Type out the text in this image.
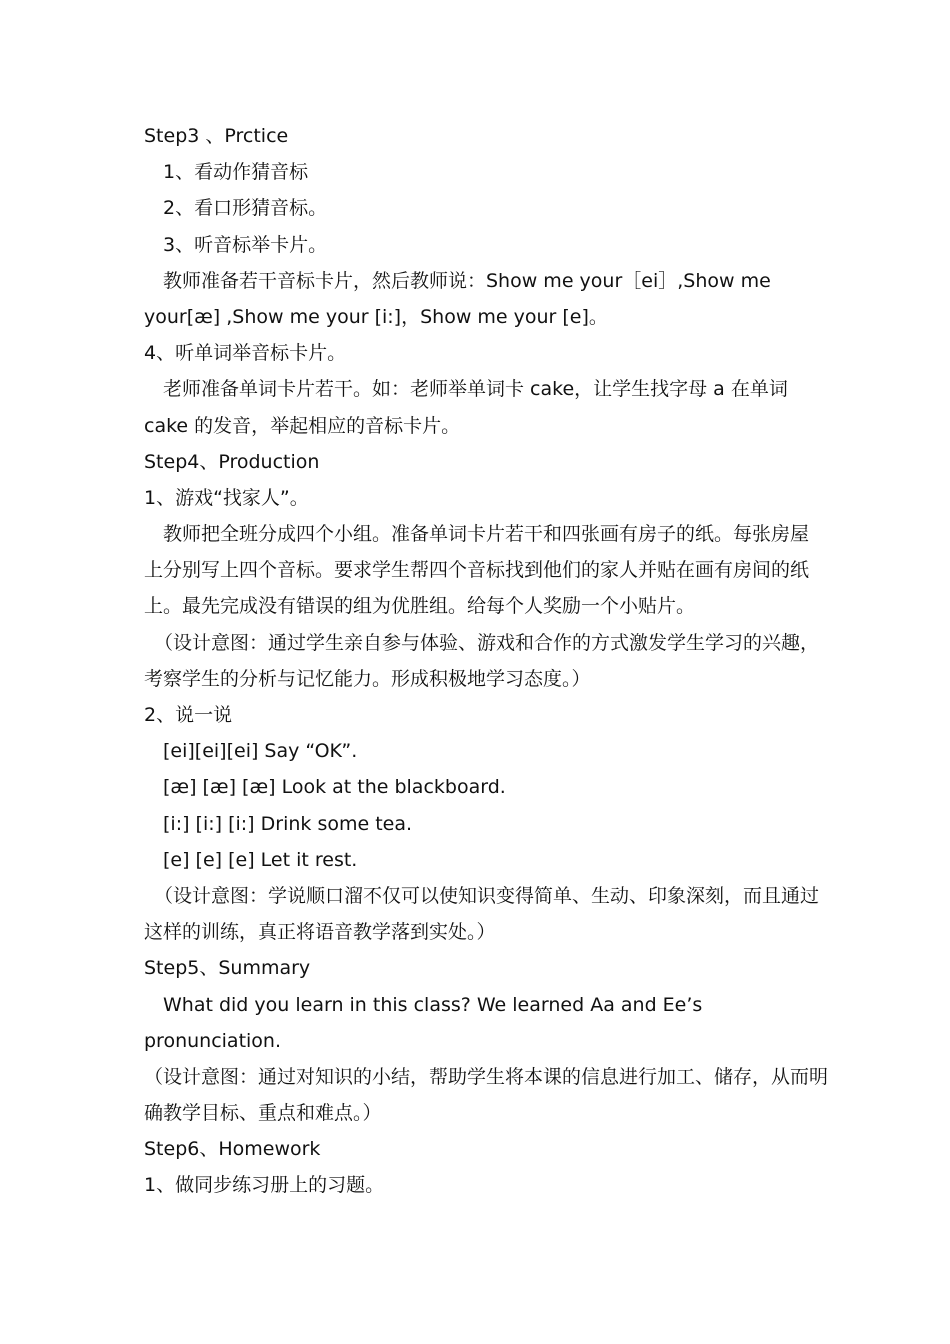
Step3 、Prctice
1、看动作猜音标
2、看口形猜音标。
3、听音标举卡片。
教师准备若干音标卡片，然后教师说：Show me your［ei］,Show me
your[æ] ,Show me your [i:]，Show me your [e]。
4、听单词举音标卡片。
老师准备单词卡片若干。如：老师举单词卡 cake，让学生找字母 a 在单词
cake 的发音，举起相应的音标卡片。
Step4、Production
1、游戏“找家人”。
教师把全班分成四个小组。准备单词卡片若干和四张画有房子的纸。每张房屋
上分别写上四个音标。要求学生帮四个音标找到他们的家人并贴在画有房间的纸
上。最先完成没有错误的组为优胜组。给每个人奖励一个小贴片。
（设计意图：通过学生亲自参与体验、游戏和合作的方式激发学生学习的兴趣，
考察学生的分析与记忆能力。形成积极地学习态度。）
2、说一说
[ei][ei][ei] Say “OK”.
[æ] [æ] [æ] Look at the blackboard.
[i:] [i:] [i:] Drink some tea.
[e] [e] [e] Let it rest.
（设计意图：学说顺口溜不仅可以使知识变得简单、生动、印象深刻，而且通过
这样的训练，真正将语音教学落到实处。）
Step5、Summary
What did you learn in this class? We learned Aa and Ee’s
pronunciation.
（设计意图：通过对知识的小结，帮助学生将本课的信息进行加工、储存，从而明
确教学目标、重点和难点。）
Step6、Homework
1、做同步练习册上的习题。
